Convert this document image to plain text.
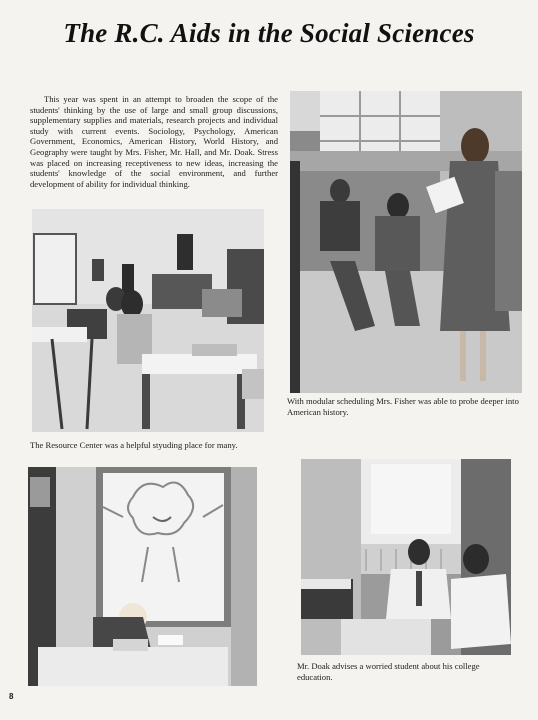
The R.C. Aids in the Social Sciences

This year was spent in an attempt to broaden the scope of the students' thinking by the use of large and small group discussions, supplementary supplies and materials, research projects and individual study with current events. Sociology, Psychology, American Government, Economics, American History, World History, and Geography were taught by Mrs. Fisher, Mr. Hall, and Mr. Doak. Stress was placed on increasing receptiveness to new ideas, increasing the students' knowledge of the social environment, and further development of ability for individual thinking.

With modular scheduling Mrs. Fisher was able to probe deeper into American history.
The Resource Center was a helpful styuding place for many.
Mr. Doak advises a worried student about his college education.
8
